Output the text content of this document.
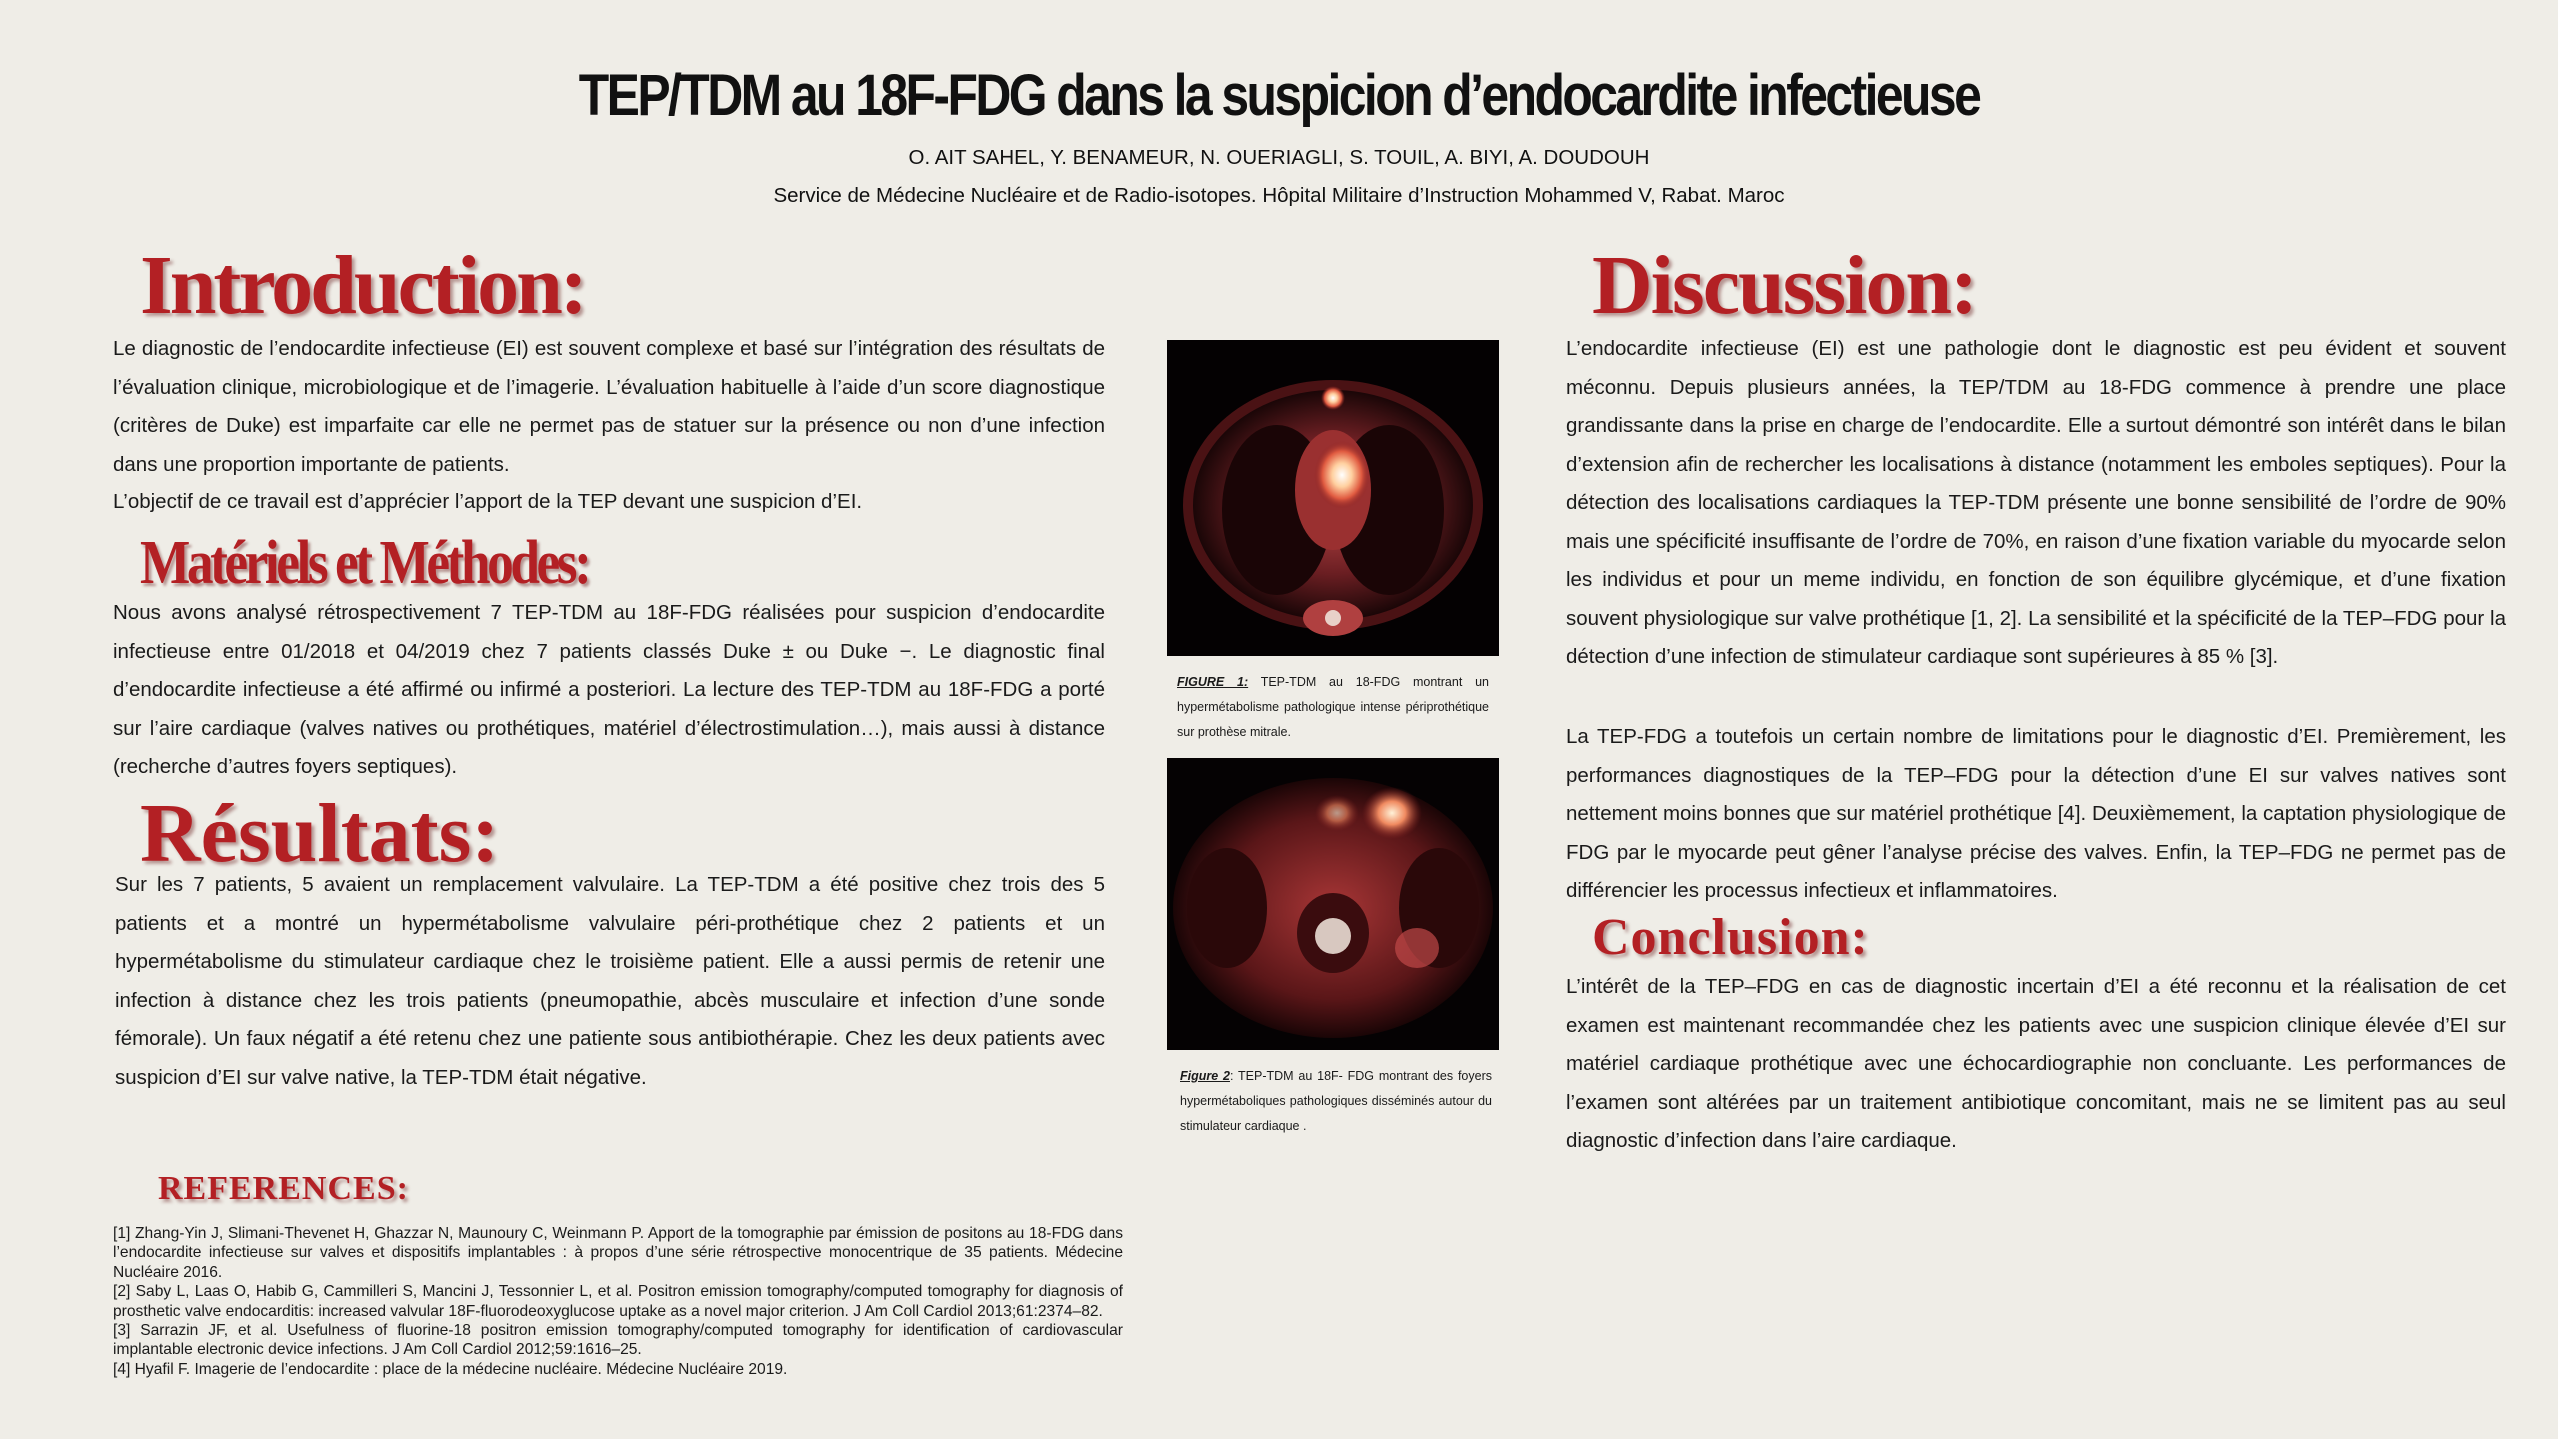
TEP/TDM au 18F-FDG dans la suspicion d’endocardite infectieuse
O. AIT SAHEL, Y. BENAMEUR, N. OUERIAGLI, S. TOUIL, A. BIYI, A. DOUDOUH
Service de Médecine Nucléaire et de Radio-isotopes. Hôpital Militaire d’Instruction Mohammed V, Rabat. Maroc
Introduction:

Le diagnostic de l’endocardite infectieuse (EI) est souvent complexe et basé sur l’intégration des résultats de l’évaluation clinique, microbiologique et de l’imagerie. L’évaluation habituelle à l’aide d’un score diagnostique (critères de Duke) est imparfaite car elle ne permet pas de statuer sur la présence ou non d’une infection dans une proportion importante de patients.

L’objectif de ce travail est d’apprécier l’apport de la TEP devant une suspicion d’EI.

Matériels et Méthodes:

Nous avons analysé rétrospectivement 7 TEP-TDM au 18F-FDG réalisées pour suspicion d’endocardite infectieuse entre 01/2018 et 04/2019 chez 7 patients classés Duke ± ou Duke −. Le diagnostic final d’endocardite infectieuse a été affirmé ou infirmé a posteriori. La lecture des TEP-TDM au 18F-FDG a porté sur l’aire cardiaque (valves natives ou prothétiques, matériel d’électrostimulation…), mais aussi à distance (recherche d’autres foyers septiques).

Résultats:

Sur les 7 patients, 5 avaient un remplacement valvulaire. La TEP-TDM a été positive chez trois des 5 patients et a montré un hypermétabolisme valvulaire péri-prothétique chez 2 patients et un hypermétabolisme du stimulateur cardiaque chez le troisième patient. Elle a aussi permis de retenir une infection à distance chez les trois patients (pneumopathie, abcès musculaire et infection d’une sonde fémorale). Un faux négatif a été retenu chez une patiente sous antibiothérapie. Chez les deux patients avec suspicion d’EI sur valve native, la TEP-TDM était négative.

REFERENCES:

[1] Zhang-Yin J, Slimani-Thevenet H, Ghazzar N, Maunoury C, Weinmann P. Apport de la tomographie par émission de positons au 18-FDG dans l’endocardite infectieuse sur valves et dispositifs implantables : à propos d’une série rétrospective monocentrique de 35 patients. Médecine Nucléaire 2016.

[2] Saby L, Laas O, Habib G, Cammilleri S, Mancini J, Tessonnier L, et al. Positron emission tomography/computed tomography for diagnosis of prosthetic valve endocarditis: increased valvular 18F-fluorodeoxyglucose uptake as a novel major criterion. J Am Coll Cardiol 2013;61:2374–82.

[3] Sarrazin JF, et al. Usefulness of fluorine-18 positron emission tomography/computed tomography for identification of cardiovascular implantable electronic device infections. J Am Coll Cardiol 2012;59:1616–25.

[4] Hyafil F. Imagerie de l’endocardite : place de la médecine nucléaire. Médecine Nucléaire 2019.

FIGURE 1: TEP-TDM au 18-FDG montrant un hypermétabolisme pathologique intense périprothétique sur prothèse mitrale.
Figure 2: TEP-TDM au 18F- FDG montrant des foyers hypermétaboliques pathologiques disséminés autour du stimulateur cardiaque .
Discussion:

L’endocardite infectieuse (EI) est une pathologie dont le diagnostic est peu évident et souvent méconnu. Depuis plusieurs années, la TEP/TDM au 18-FDG commence à prendre une place grandissante dans la prise en charge de l’endocardite. Elle a surtout démontré son intérêt dans le bilan d’extension afin de rechercher les localisations à distance (notamment les emboles septiques). Pour la détection des localisations cardiaques la TEP-TDM présente une bonne sensibilité de l’ordre de 90% mais une spécificité insuffisante de l’ordre de 70%, en raison d’une fixation variable du myocarde selon les individus et pour un meme individu, en fonction de son équilibre glycémique, et d’une fixation souvent physiologique sur valve prothétique [1, 2]. La sensibilité et la spécificité de la TEP–FDG pour la détection d’une infection de stimulateur cardiaque sont supérieures à 85 % [3].

La TEP-FDG a toutefois un certain nombre de limitations pour le diagnostic d’EI. Premièrement, les performances diagnostiques de la TEP–FDG pour la détection d’une EI sur valves natives sont nettement moins bonnes que sur matériel prothétique [4]. Deuxièmement, la captation physiologique de FDG par le myocarde peut gêner l’analyse précise des valves. Enfin, la TEP–FDG ne permet pas de différencier les processus infectieux et inflammatoires.

Conclusion:

L’intérêt de la TEP–FDG en cas de diagnostic incertain d’EI a été reconnu et la réalisation de cet examen est maintenant recommandée chez les patients avec une suspicion clinique élevée d’EI sur matériel cardiaque prothétique avec une échocardiographie non concluante. Les performances de l’examen sont altérées par un traitement antibiotique concomitant, mais ne se limitent pas au seul diagnostic d’infection dans l’aire cardiaque.
